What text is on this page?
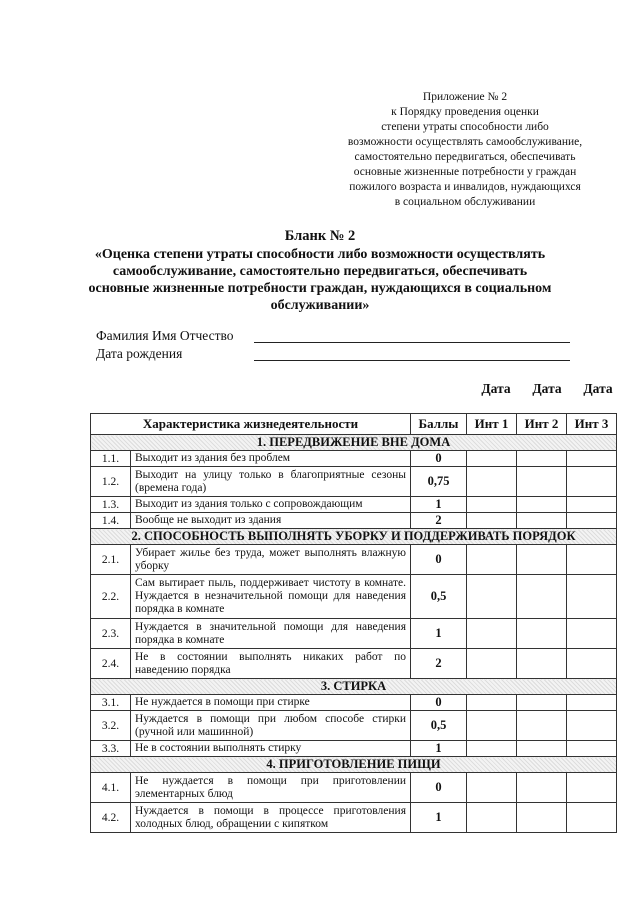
Приложение № 2
к Порядку проведения оценки
степени утраты способности либо
возможности осуществлять самообслуживание,
самостоятельно передвигаться, обеспечивать
основные жизненные потребности у граждан
пожилого возраста и инвалидов, нуждающихся
в социальном обслуживании
Бланк № 2
«Оценка степени утраты способности либо возможности осуществлять
самообслуживание, самостоятельно передвигаться, обеспечивать
основные жизненные потребности граждан, нуждающихся в социальном
обслуживании»
Фамилия Имя Отчество
Дата рождения
Дата	Дата	Дата
Характеристика жизнедеятельности		Баллы	Инт 1	Инт 2	Инт 3
1. ПЕРЕДВИЖЕНИЕ ВНЕ ДОМА					
1.1.	Выходит из здания без проблем	0			
1.2.	Выходит на улицу только в благоприятные сезоны (времена года)	0,75			
1.3.	Выходит из здания только с сопровождающим	1			
1.4.	Вообще не выходит из здания	2			
2. СПОСОБНОСТЬ ВЫПОЛНЯТЬ УБОРКУ И ПОДДЕРЖИВАТЬ ПОРЯДОК					
2.1.	Убирает жилье без труда, может выполнять влажную уборку	0			
2.2.	Сам вытирает пыль, поддерживает чистоту в комнате. Нуждается в незначительной помощи для наведения порядка в комнате	0,5			
2.3.	Нуждается в значительной помощи для наведения порядка в комнате	1			
2.4.	Не в состоянии выполнять никаких работ по наведению порядка	2			
3. СТИРКА					
3.1.	Не нуждается в помощи при стирке	0			
3.2.	Нуждается в помощи при любом способе стирки (ручной или машинной)	0,5			
3.3.	Не в состоянии выполнять стирку	1			
4. ПРИГОТОВЛЕНИЕ ПИЩИ					
4.1.	Не нуждается в помощи при приготовлении элементарных блюд	0			
4.2.	Нуждается в помощи в процессе приготовления холодных блюд, обращении с кипятком	1			
